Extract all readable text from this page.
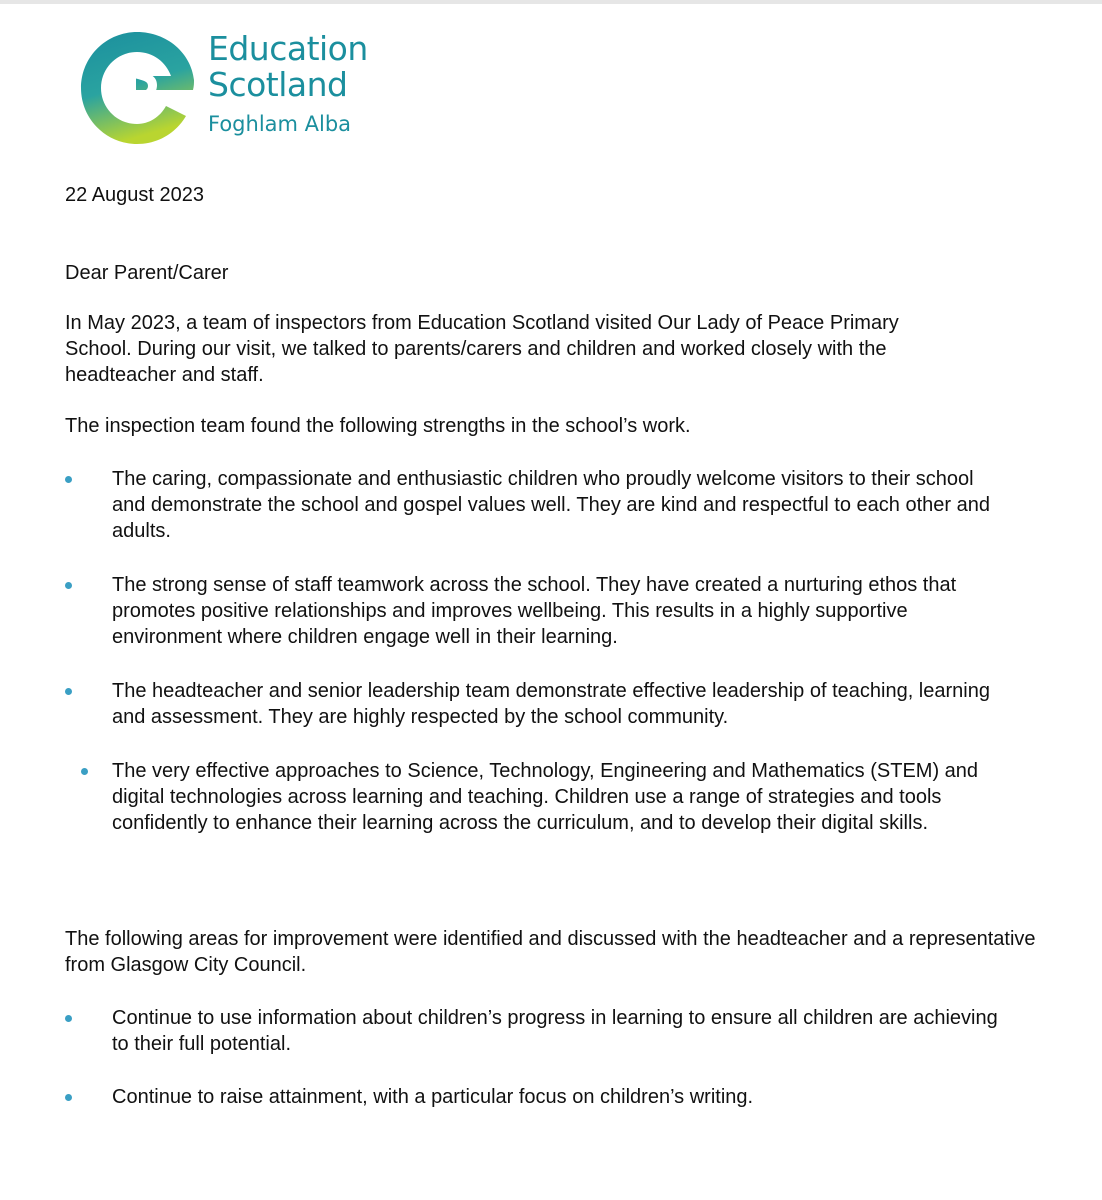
Education
Scotland
Foghlam Alba

22 August 2023

Dear Parent/Carer

In May 2023, a team of inspectors from Education Scotland visited Our Lady of Peace Primary School. During our visit, we talked to parents/carers and children and worked closely with the headteacher and staff.

The inspection team found the following strengths in the school’s work.

The caring, compassionate and enthusiastic children who proudly welcome visitors to their school and demonstrate the school and gospel values well. They are kind and respectful to each other and adults.
The strong sense of staff teamwork across the school. They have created a nurturing ethos that promotes positive relationships and improves wellbeing. This results in a highly supportive environment where children engage well in their learning.
The headteacher and senior leadership team demonstrate effective leadership of teaching, learning and assessment. They are highly respected by the school community.
The very effective approaches to Science, Technology, Engineering and Mathematics (STEM) and digital technologies across learning and teaching. Children use a range of strategies and tools confidently to enhance their learning across the curriculum, and to develop their digital skills.

The following areas for improvement were identified and discussed with the headteacher and a representative from Glasgow City Council.

Continue to use information about children’s progress in learning to ensure all children are achieving to their full potential.
Continue to raise attainment, with a particular focus on children’s writing.
